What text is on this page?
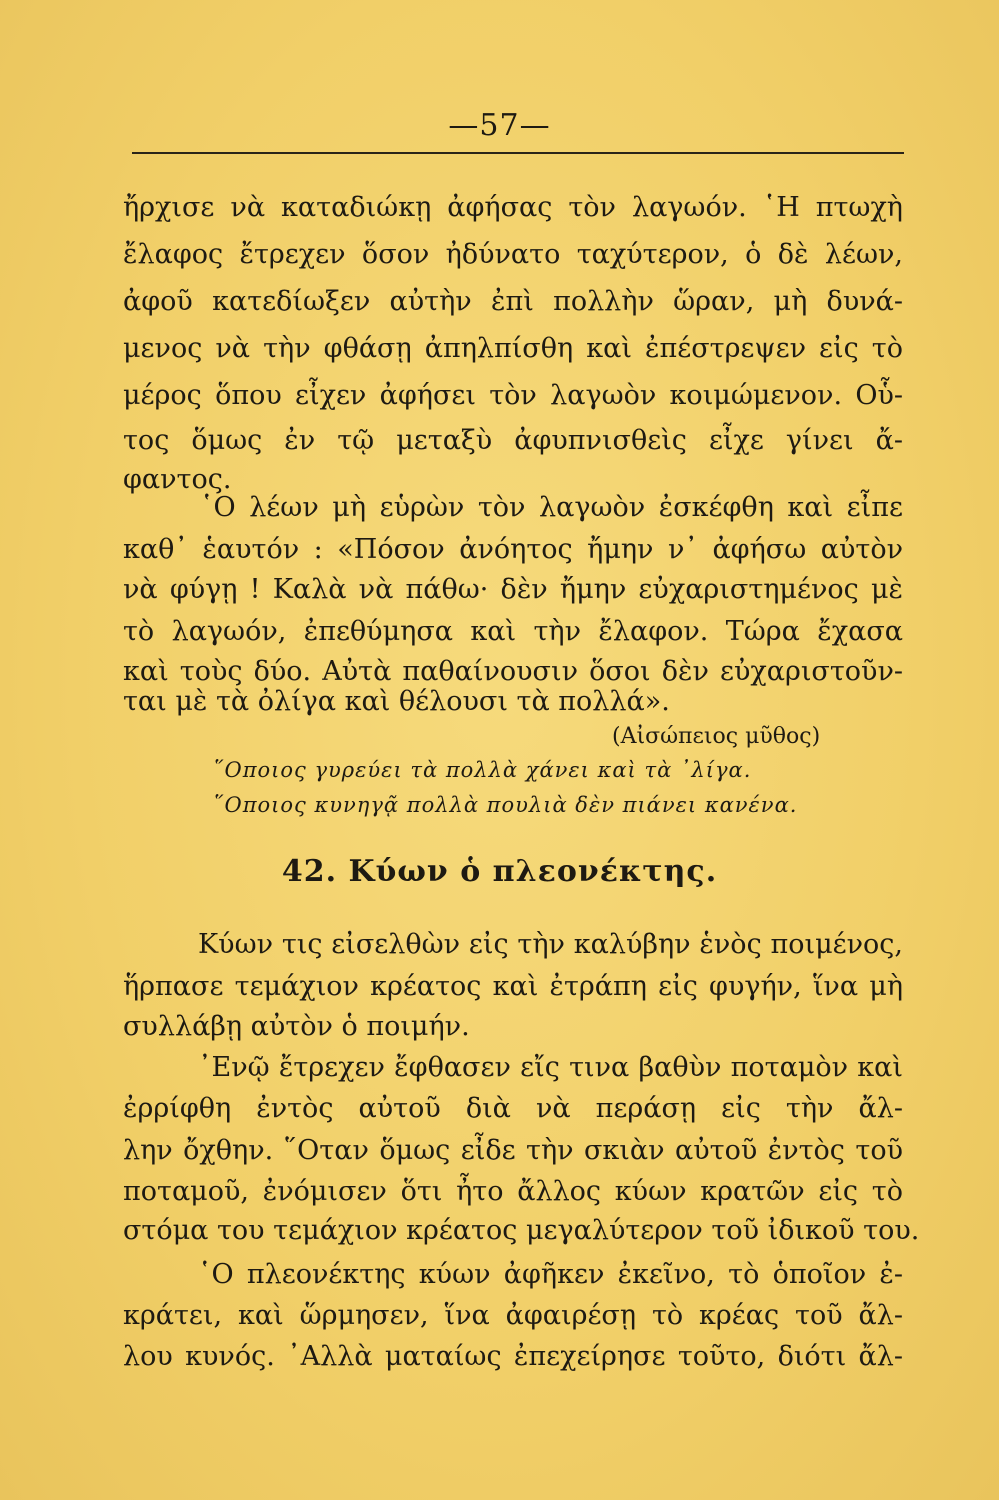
—57—
ἤρχισε νὰ καταδιώκῃ ἀφήσας τὸν λαγωόν. ῾Η πτωχὴ
ἔλαφος ἔτρεχεν ὅσον ἠδύνατο ταχύτερον, ὁ δὲ λέων,
ἀφοῦ κατεδίωξεν αὐτὴν ἐπὶ πολλὴν ὥραν, μὴ δυνά-
μενος νὰ τὴν φθάσῃ ἀπηλπίσθη καὶ ἐπέστρεψεν εἰς τὸ
μέρος ὅπου εἶχεν ἀφήσει τὸν λαγωὸν κοιμώμενον. Οὗ-
τος ὅμως ἐν τῷ μεταξὺ ἀφυπνισθεὶς εἶχε γίνει ἄ-
φαντος.
῾Ο λέων μὴ εὑρὼν τὸν λαγωὸν ἐσκέφθη καὶ εἶπε
καθ᾽ ἑαυτόν : «Πόσον ἀνόητος ἤμην ν᾽ ἀφήσω αὐτὸν
νὰ φύγῃ ! Καλὰ νὰ πάθω· δὲν ἤμην εὐχαριστημένος μὲ
τὸ λαγωόν, ἐπεθύμησα καὶ τὴν ἔλαφον. Τώρα ἔχασα
καὶ τοὺς δύο. Αὐτὰ παθαίνουσιν ὅσοι δὲν εὐχαριστοῦν-
ται μὲ τὰ ὀλίγα καὶ θέλουσι τὰ πολλά».
(Αἰσώπειος μῦθος)
῞Οποιος γυρεύει τὰ πολλὰ χάνει καὶ τὰ ᾽λίγα.
῞Οποιος κυνηγᾷ πολλὰ πουλιὰ δὲν πιάνει κανένα.
42. Κύων ὁ πλεονέκτης.
Κύων τις εἰσελθὼν εἰς τὴν καλύβην ἑνὸς ποιμένος,
ἥρπασε τεμάχιον κρέατος καὶ ἐτράπη εἰς φυγήν, ἵνα μὴ
συλλάβῃ αὐτὸν ὁ ποιμήν.
᾽Ενῷ ἔτρεχεν ἔφθασεν εἴς τινα βαθὺν ποταμὸν καὶ
ἐρρίφθη ἐντὸς αὐτοῦ διὰ νὰ περάσῃ εἰς τὴν ἄλ-
λην ὄχθην. ῞Οταν ὅμως εἶδε τὴν σκιὰν αὐτοῦ ἐντὸς τοῦ
ποταμοῦ, ἐνόμισεν ὅτι ἦτο ἄλλος κύων κρατῶν εἰς τὸ
στόμα του τεμάχιον κρέατος μεγαλύτερον τοῦ ἰδικοῦ του.
῾Ο πλεονέκτης κύων ἀφῆκεν ἐκεῖνο, τὸ ὁποῖον ἐ-
κράτει, καὶ ὥρμησεν, ἵνα ἀφαιρέσῃ τὸ κρέας τοῦ ἄλ-
λου κυνός. ᾽Αλλὰ ματαίως ἐπεχείρησε τοῦτο, διότι ἄλ-
